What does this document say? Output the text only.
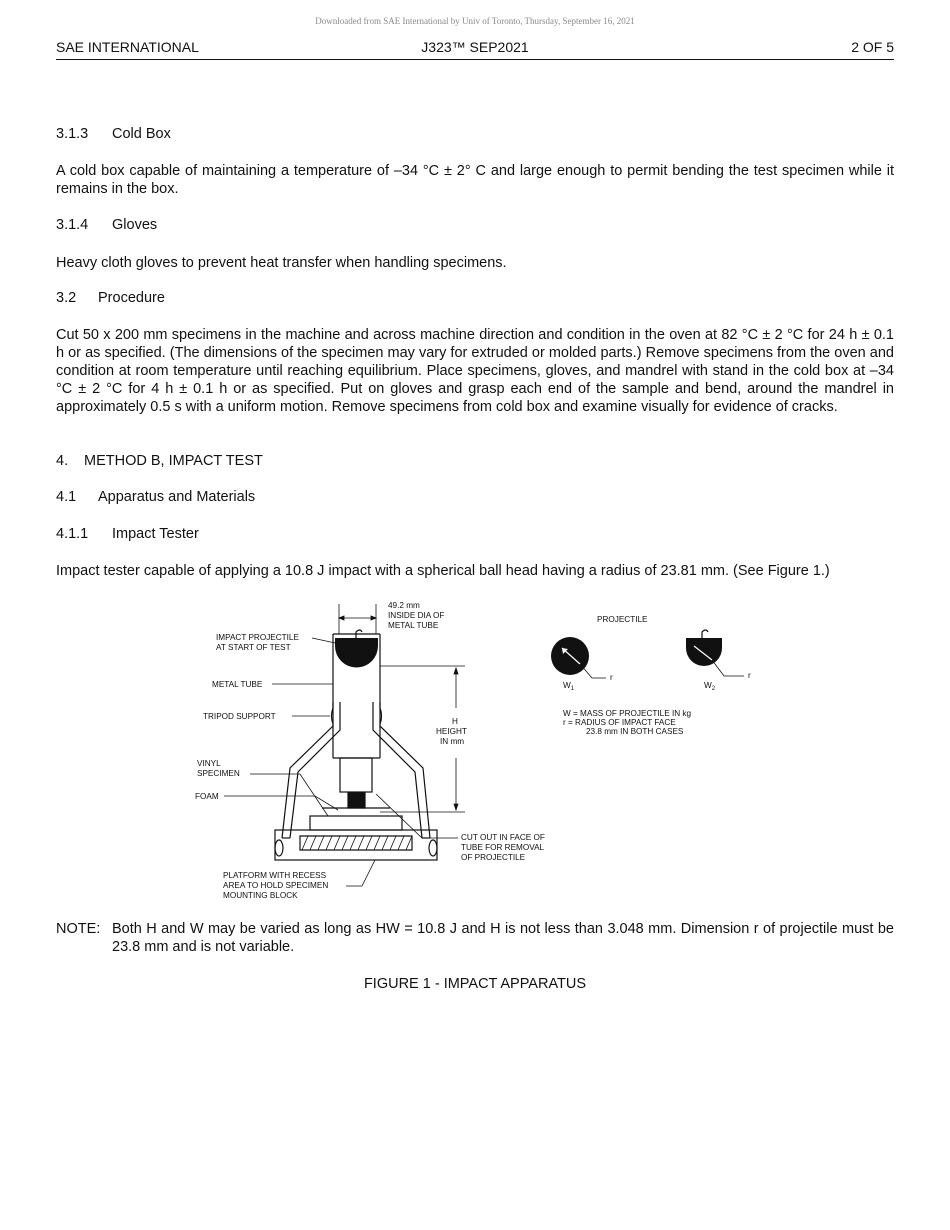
Downloaded from SAE International by Univ of Toronto, Thursday, September 16, 2021
SAE INTERNATIONAL	J323™ SEP2021	2 OF 5
3.1.3 Cold Box
A cold box capable of maintaining a temperature of –34 °C ± 2° C and large enough to permit bending the test specimen while it remains in the box.
3.1.4 Gloves
Heavy cloth gloves to prevent heat transfer when handling specimens.
3.2 Procedure
Cut 50 x 200 mm specimens in the machine and across machine direction and condition in the oven at 82 °C ± 2 °C for 24 h ± 0.1 h or as specified. (The dimensions of the specimen may vary for extruded or molded parts.) Remove specimens from the oven and condition at room temperature until reaching equilibrium. Place specimens, gloves, and mandrel with stand in the cold box at –34 °C ± 2 °C for 4 h ± 0.1 h or as specified. Put on gloves and grasp each end of the sample and bend, around the mandrel in approximately 0.5 s with a uniform motion. Remove specimens from cold box and examine visually for evidence of cracks.
4. METHOD B, IMPACT TEST
4.1 Apparatus and Materials
4.1.1 Impact Tester
Impact tester capable of applying a 10.8 J impact with a spherical ball head having a radius of 23.81 mm. (See Figure 1.)
49.2 mm
INSIDE DIA OF
METAL TUBE
H
HEIGHT
IN mm
IMPACT PROJECTILE
AT START OF TEST
METAL TUBE
TRIPOD SUPPORT
VINYL
SPECIMEN
FOAM
CUT OUT IN FACE OF
TUBE FOR REMOVAL
OF PROJECTILE
PLATFORM WITH RECESS
AREA TO HOLD SPECIMEN
MOUNTING BLOCK
PROJECTILE
r
$W_1$
r
$W_2$
W = MASS OF PROJECTILE IN kg
r = RADIUS OF IMPACT FACE
23.8 mm IN BOTH CASES
NOTE: Both H and W may be varied as long as HW = 10.8 J and H is not less than 3.048 mm. Dimension r of projectile must be 23.8 mm and is not variable.
FIGURE 1 - IMPACT APPARATUS
